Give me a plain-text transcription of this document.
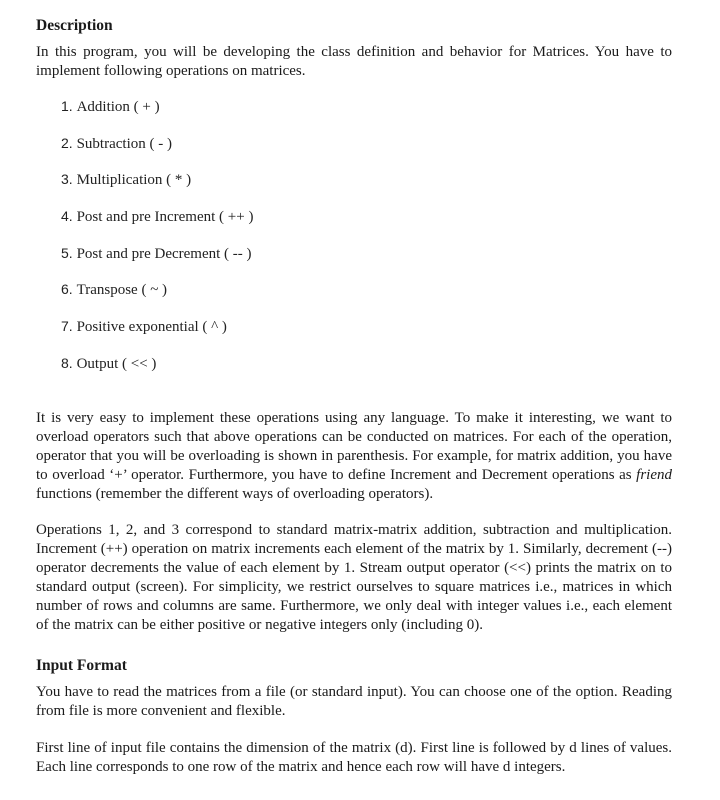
Description

In this program, you will be developing the class definition and behavior for Matrices. You have to implement following operations on matrices.

1. Addition ( + )
2. Subtraction ( - )
3. Multiplication ( * )
4. Post and pre Increment ( ++ )
5. Post and pre Decrement ( -- )
6. Transpose ( ~ )
7. Positive exponential ( ^ )
8. Output ( << )

It is very easy to implement these operations using any language. To make it interesting, we want to overload operators such that above operations can be conducted on matrices. For each of the operation, operator that you will be overloading is shown in parenthesis. For example, for matrix addition, you have to overload ‘+’ operator. Furthermore, you have to define Increment and Decrement operations as friend functions (remember the different ways of overloading operators).

Operations 1, 2, and 3 correspond to standard matrix-matrix addition, subtraction and multiplication. Increment (++) operation on matrix increments each element of the matrix by 1. Similarly, decrement (--) operator decrements the value of each element by 1. Stream output operator (<<) prints the matrix on to standard output (screen). For simplicity, we restrict ourselves to square matrices i.e., matrices in which number of rows and columns are same. Furthermore, we only deal with integer values i.e., each element of the matrix can be either positive or negative integers only (including 0).

Input Format

You have to read the matrices from a file (or standard input). You can choose one of the option. Reading from file is more convenient and flexible.

First line of input file contains the dimension of the matrix (d). First line is followed by d lines of values. Each line corresponds to one row of the matrix and hence each row will have d integers.
